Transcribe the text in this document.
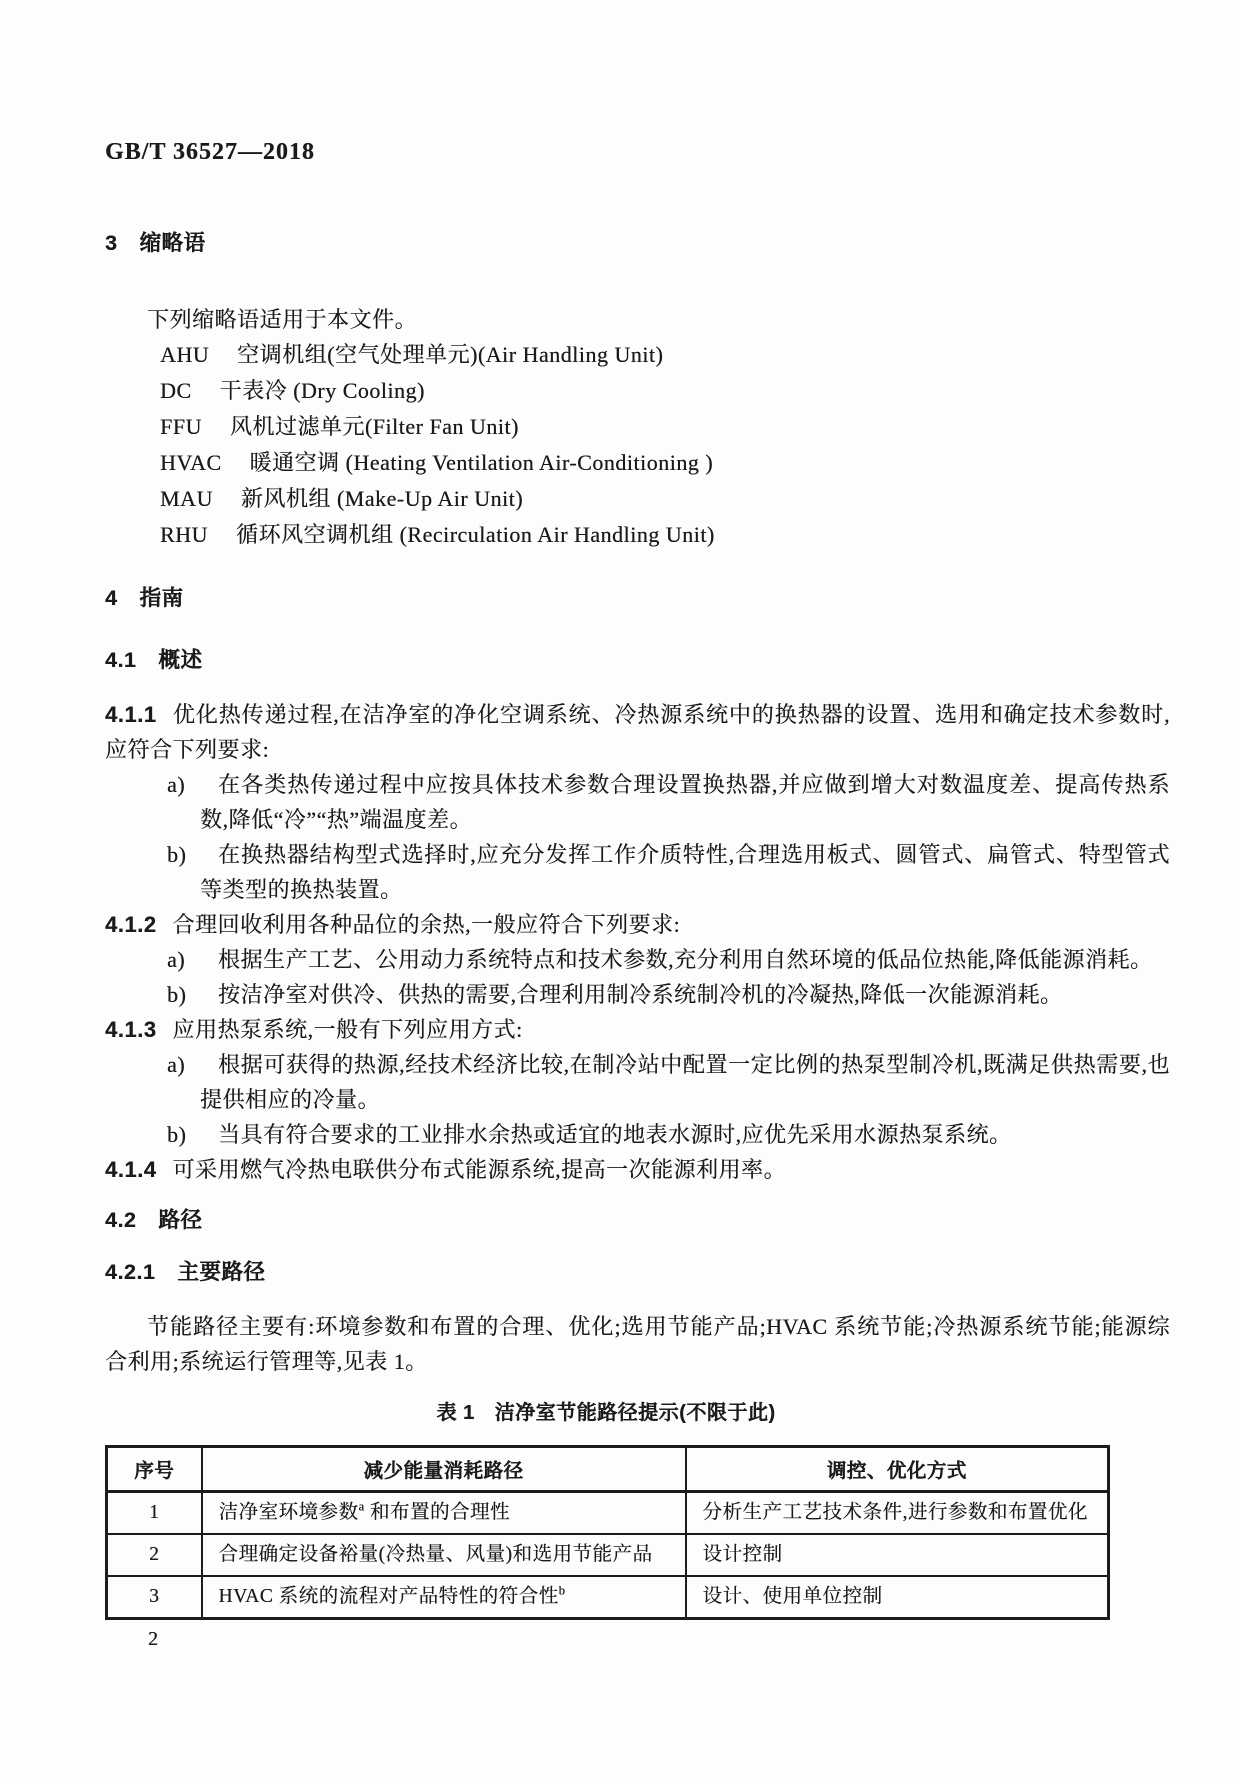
GB/T 36527—2018
3 缩略语

下列缩略语适用于本文件。

AHU 空调机组(空气处理单元)(Air Handling Unit)
DC 干表冷 (Dry Cooling)
FFU 风机过滤单元(Filter Fan Unit)
HVAC 暖通空调 (Heating Ventilation Air-Conditioning )
MAU 新风机组 (Make-Up Air Unit)
RHU 循环风空调机组 (Recirculation Air Handling Unit)
4 指南
4.1 概述

4.1.1 优化热传递过程,在洁净室的净化空调系统、冷热源系统中的换热器的设置、选用和确定技术参数时,应符合下列要求:

a) 在各类热传递过程中应按具体技术参数合理设置换热器,并应做到增大对数温度差、提高传热系数,降低“冷”“热”端温度差。
b) 在换热器结构型式选择时,应充分发挥工作介质特性,合理选用板式、圆管式、扁管式、特型管式等类型的换热装置。

4.1.2 合理回收利用各种品位的余热,一般应符合下列要求:

a) 根据生产工艺、公用动力系统特点和技术参数,充分利用自然环境的低品位热能,降低能源消耗。
b) 按洁净室对供冷、供热的需要,合理利用制冷系统制冷机的冷凝热,降低一次能源消耗。

4.1.3 应用热泵系统,一般有下列应用方式:

a) 根据可获得的热源,经技术经济比较,在制冷站中配置一定比例的热泵型制冷机,既满足供热需要,也提供相应的冷量。
b) 当具有符合要求的工业排水余热或适宜的地表水源时,应优先采用水源热泵系统。

4.1.4 可采用燃气冷热电联供分布式能源系统,提高一次能源利用率。

4.2 路径
4.2.1 主要路径

节能路径主要有:环境参数和布置的合理、优化;选用节能产品;HVAC 系统节能;冷热源系统节能;能源综合利用;系统运行管理等,见表 1。

表 1 洁净室节能路径提示(不限于此)
序号	减少能量消耗路径	调控、优化方式
1	洁净室环境参数$^a$ 和布置的合理性	分析生产工艺技术条件,进行参数和布置优化
2	合理确定设备裕量(冷热量、风量)和选用节能产品	设计控制
3	HVAC 系统的流程对产品特性的符合性$^b$	设计、使用单位控制
2
